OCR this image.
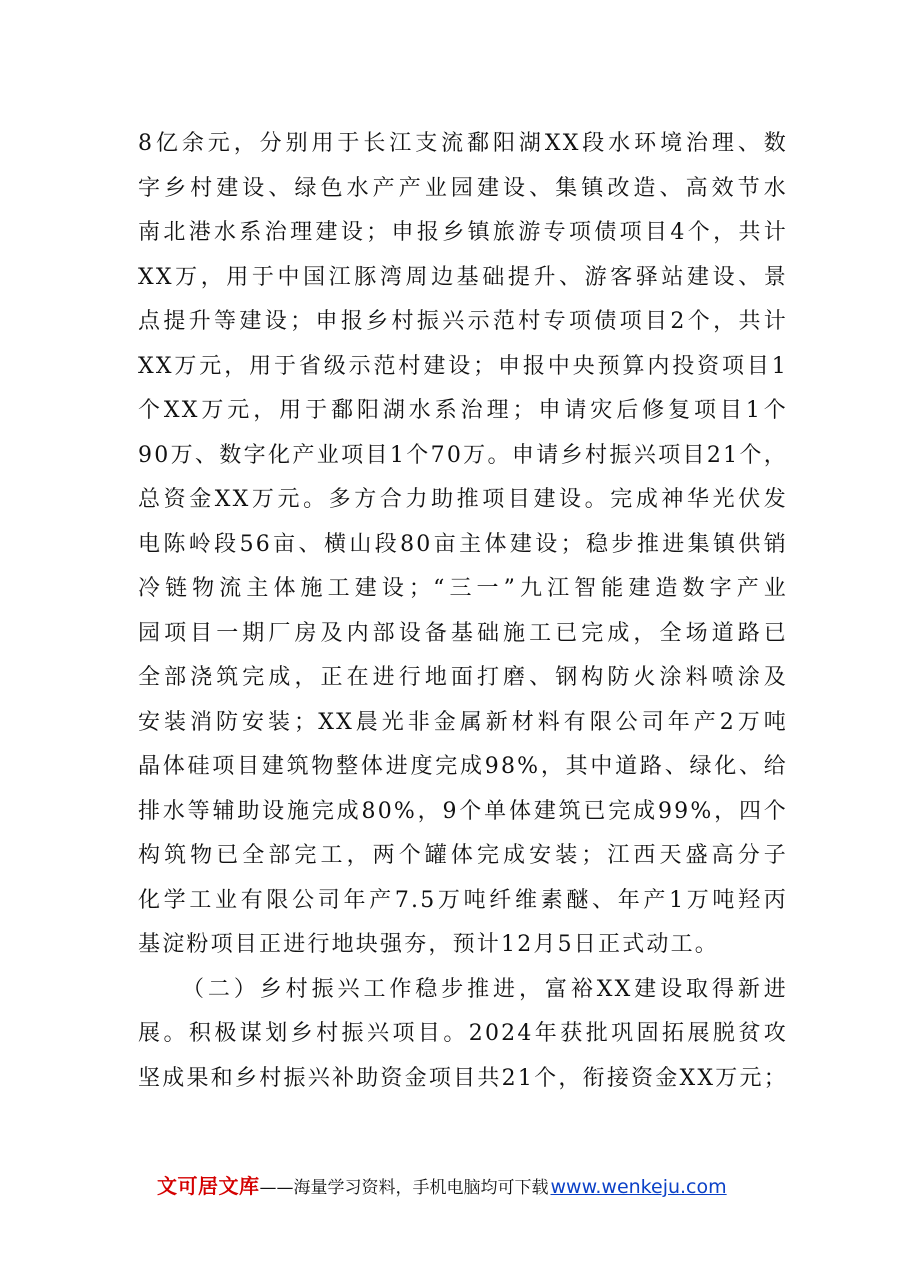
8亿余元，分别用于长江支流鄱阳湖XX段水环境治理、数
字乡村建设、绿色水产产业园建设、集镇改造、高效节水
南北港水系治理建设；申报乡镇旅游专项债项目4个，共计
XX万，用于中国江豚湾周边基础提升、游客驿站建设、景
点提升等建设；申报乡村振兴示范村专项债项目2个，共计
XX万元，用于省级示范村建设；申报中央预算内投资项目1
个XX万元，用于鄱阳湖水系治理；申请灾后修复项目1个
90万、数字化产业项目1个70万。申请乡村振兴项目21个，
总资金XX万元。多方合力助推项目建设。完成神华光伏发
电陈岭段56亩、横山段80亩主体建设；稳步推进集镇供销
冷链物流主体施工建设；“三一”九江智能建造数字产业
园项目一期厂房及内部设备基础施工已完成，全场道路已
全部浇筑完成，正在进行地面打磨、钢构防火涂料喷涂及
安装消防安装；XX晨光非金属新材料有限公司年产2万吨
晶体硅项目建筑物整体进度完成98%，其中道路、绿化、给
排水等辅助设施完成80%，9个单体建筑已完成99%，四个
构筑物已全部完工，两个罐体完成安装；江西天盛高分子
化学工业有限公司年产7.5万吨纤维素醚、年产1万吨羟丙
基淀粉项目正进行地块强夯，预计12月5日正式动工。

（二）乡村振兴工作稳步推进，富裕XX建设取得新进
展。积极谋划乡村振兴项目。2024年获批巩固拓展脱贫攻
坚成果和乡村振兴补助资金项目共21个，衔接资金XX万元；

文可居文库 ——海量学习资料，手机电脑均可下载 www.wenkeju.com
